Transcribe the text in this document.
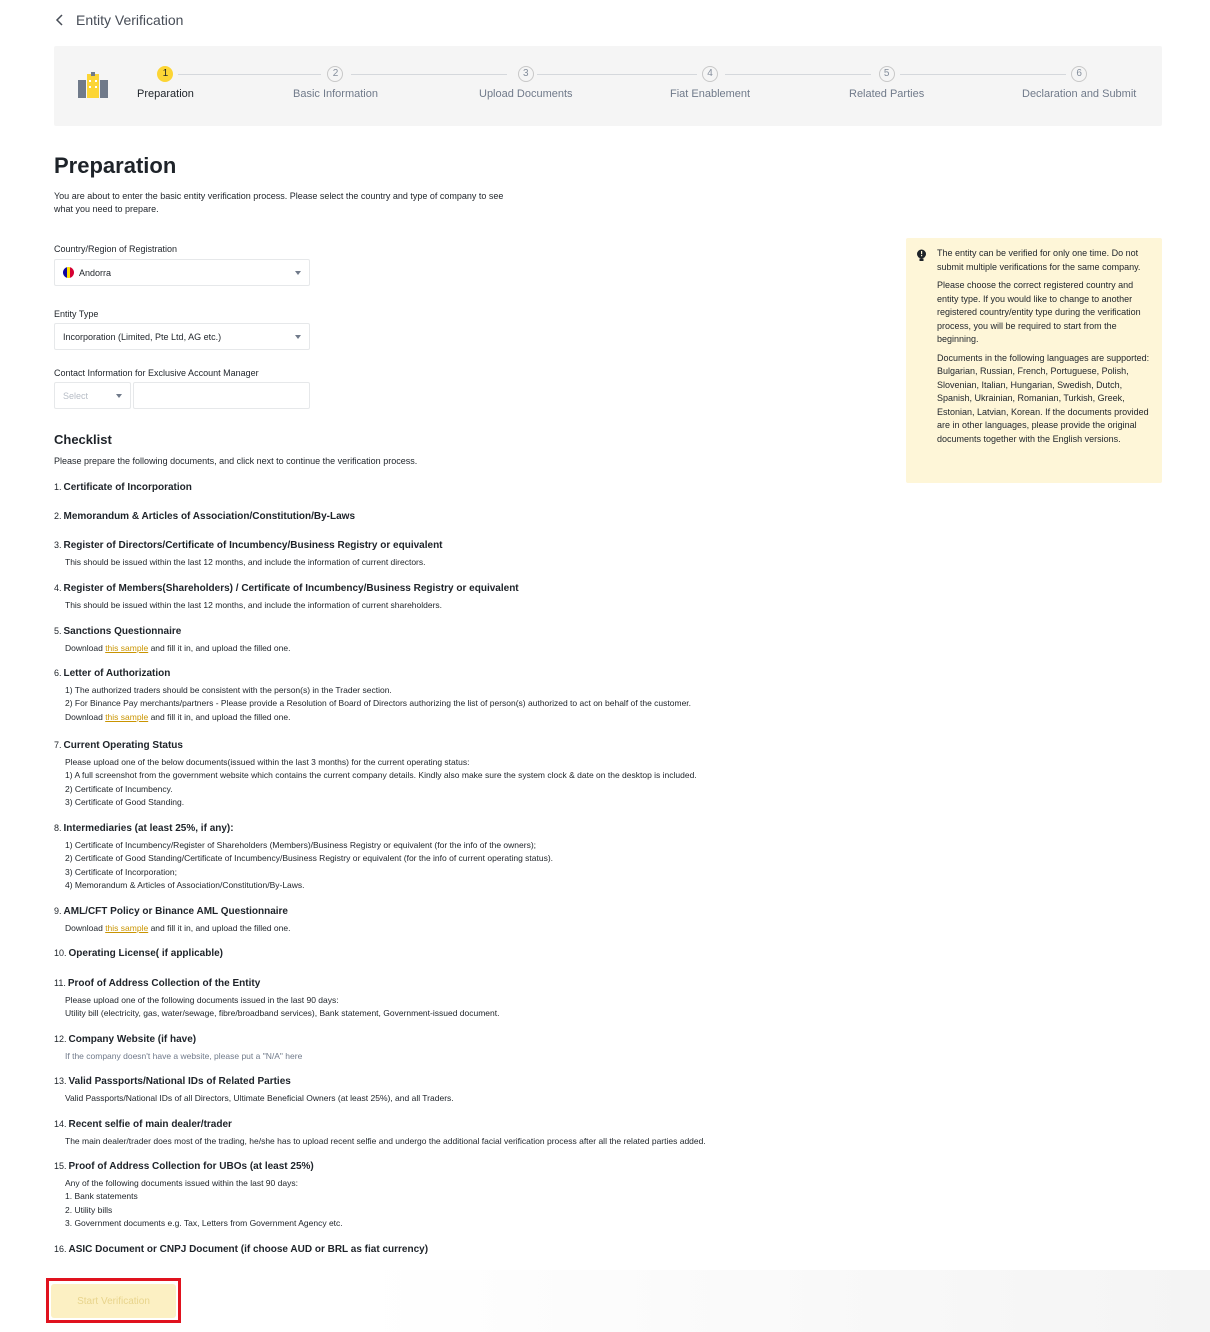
Entity Verification
1
Preparation
2
Basic Information
3
Upload Documents
4
Fiat Enablement
5
Related Parties
6
Declaration and Submit
Preparation
You are about to enter the basic entity verification process. Please select the country and type of company to see what you need to prepare.
Country/Region of Registration
Andorra
Entity Type
Incorporation (Limited, Pte Ltd, AG etc.)
Contact Information for Exclusive Account Manager
Select

The entity can be verified for only one time. Do not submit multiple verifications for the same company.

Please choose the correct registered country and entity type. If you would like to change to another registered country/entity type during the verification process, you will be required to start from the beginning.

Documents in the following languages are supported: Bulgarian, Russian, French, Portuguese, Polish, Slovenian, Italian, Hungarian, Swedish, Dutch, Spanish, Ukrainian, Romanian, Turkish, Greek, Estonian, Latvian, Korean. If the documents provided are in other languages, please provide the original documents together with the English versions.

Checklist
Please prepare the following documents, and click next to continue the verification process.
1. Certificate of Incorporation
2. Memorandum & Articles of Association/Constitution/By-Laws
3. Register of Directors/Certificate of Incumbency/Business Registry or equivalent
This should be issued within the last 12 months, and include the information of current directors.
4. Register of Members(Shareholders) / Certificate of Incumbency/Business Registry or equivalent
This should be issued within the last 12 months, and include the information of current shareholders.
5. Sanctions Questionnaire
Download this sample and fill it in, and upload the filled one.
6. Letter of Authorization
1) The authorized traders should be consistent with the person(s) in the Trader section.
2) For Binance Pay merchants/partners - Please provide a Resolution of Board of Directors authorizing the list of person(s) authorized to act on behalf of the customer.
Download this sample and fill it in, and upload the filled one.
7. Current Operating Status
Please upload one of the below documents(issued within the last 3 months) for the current operating status:
1) A full screenshot from the government website which contains the current company details. Kindly also make sure the system clock & date on the desktop is included.
2) Certificate of Incumbency.
3) Certificate of Good Standing.
8. Intermediaries (at least 25%, if any):
1) Certificate of Incumbency/Register of Shareholders (Members)/Business Registry or equivalent (for the info of the owners);
2) Certificate of Good Standing/Certificate of Incumbency/Business Registry or equivalent (for the info of current operating status).
3) Certificate of Incorporation;
4) Memorandum & Articles of Association/Constitution/By-Laws.
9. AML/CFT Policy or Binance AML Questionnaire
Download this sample and fill it in, and upload the filled one.
10. Operating License( if applicable)
11. Proof of Address Collection of the Entity
Please upload one of the following documents issued in the last 90 days:
Utility bill (electricity, gas, water/sewage, fibre/broadband services), Bank statement, Government-issued document.
12. Company Website (if have)
If the company doesn't have a website, please put a "N/A" here
13. Valid Passports/National IDs of Related Parties
Valid Passports/National IDs of all Directors, Ultimate Beneficial Owners (at least 25%), and all Traders.
14. Recent selfie of main dealer/trader
The main dealer/trader does most of the trading, he/she has to upload recent selfie and undergo the additional facial verification process after all the related parties added.
15. Proof of Address Collection for UBOs (at least 25%)
Any of the following documents issued within the last 90 days:
1. Bank statements
2. Utility bills
3. Government documents e.g. Tax, Letters from Government Agency etc.
16. ASIC Document or CNPJ Document (if choose AUD or BRL as fiat currency)
Start Verification
